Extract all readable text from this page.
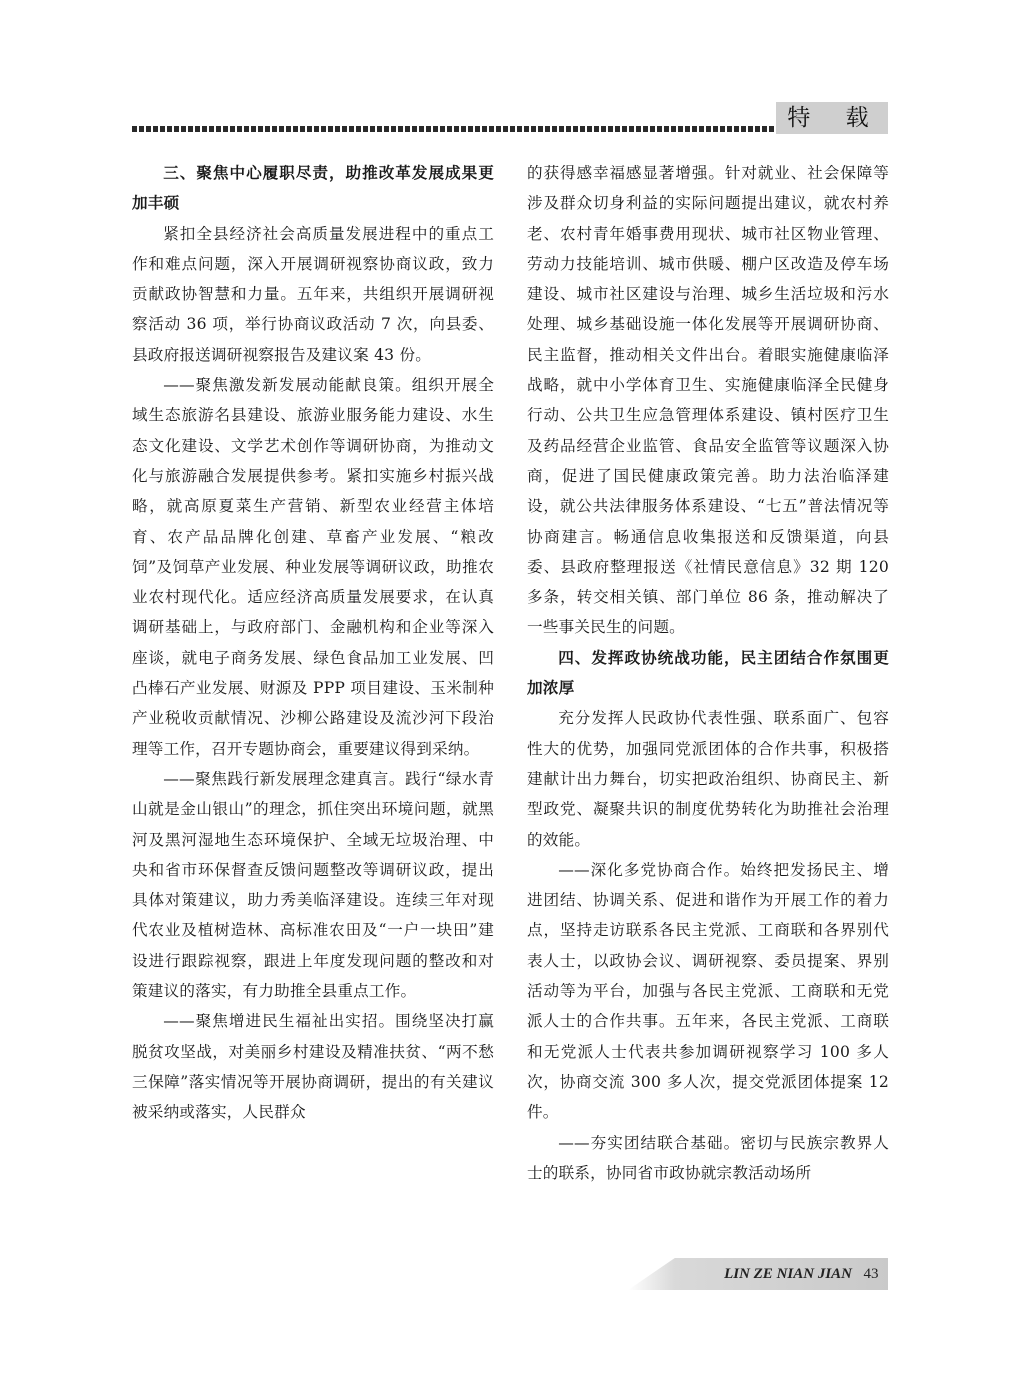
特 载
三、聚焦中心履职尽责，助推改革发展成果更加丰硕

紧扣全县经济社会高质量发展进程中的重点工作和难点问题，深入开展调研视察协商议政，致力贡献政协智慧和力量。五年来，共组织开展调研视察活动 36 项，举行协商议政活动 7 次，向县委、县政府报送调研视察报告及建议案 43 份。

——聚焦激发新发展动能献良策。组织开展全域生态旅游名县建设、旅游业服务能力建设、水生态文化建设、文学艺术创作等调研协商，为推动文化与旅游融合发展提供参考。紧扣实施乡村振兴战略，就高原夏菜生产营销、新型农业经营主体培育、农产品品牌化创建、草畜产业发展、“粮改饲”及饲草产业发展、种业发展等调研议政，助推农业农村现代化。适应经济高质量发展要求，在认真调研基础上，与政府部门、金融机构和企业等深入座谈，就电子商务发展、绿色食品加工业发展、凹凸棒石产业发展、财源及 PPP 项目建设、玉米制种产业税收贡献情况、沙柳公路建设及流沙河下段治理等工作，召开专题协商会，重要建议得到采纳。

——聚焦践行新发展理念建真言。践行“绿水青山就是金山银山”的理念，抓住突出环境问题，就黑河及黑河湿地生态环境保护、全域无垃圾治理、中央和省市环保督查反馈问题整改等调研议政，提出具体对策建议，助力秀美临泽建设。连续三年对现代农业及植树造林、高标准农田及“一户一块田”建设进行跟踪视察，跟进上年度发现问题的整改和对策建议的落实，有力助推全县重点工作。

——聚焦增进民生福祉出实招。围绕坚决打赢脱贫攻坚战，对美丽乡村建设及精准扶贫、“两不愁三保障”落实情况等开展协商调研，提出的有关建议被采纳或落实，人民群众

的获得感幸福感显著增强。针对就业、社会保障等涉及群众切身利益的实际问题提出建议，就农村养老、农村青年婚事费用现状、城市社区物业管理、劳动力技能培训、城市供暖、棚户区改造及停车场建设、城市社区建设与治理、城乡生活垃圾和污水处理、城乡基础设施一体化发展等开展调研协商、民主监督，推动相关文件出台。着眼实施健康临泽战略，就中小学体育卫生、实施健康临泽全民健身行动、公共卫生应急管理体系建设、镇村医疗卫生及药品经营企业监管、食品安全监管等议题深入协商，促进了国民健康政策完善。助力法治临泽建设，就公共法律服务体系建设、“七五”普法情况等协商建言。畅通信息收集报送和反馈渠道，向县委、县政府整理报送《社情民意信息》32 期 120 多条，转交相关镇、部门单位 86 条，推动解决了一些事关民生的问题。

四、发挥政协统战功能，民主团结合作氛围更加浓厚

充分发挥人民政协代表性强、联系面广、包容性大的优势，加强同党派团体的合作共事，积极搭建献计出力舞台，切实把政治组织、协商民主、新型政党、凝聚共识的制度优势转化为助推社会治理的效能。

——深化多党协商合作。始终把发扬民主、增进团结、协调关系、促进和谐作为开展工作的着力点，坚持走访联系各民主党派、工商联和各界别代表人士，以政协会议、调研视察、委员提案、界别活动等为平台，加强与各民主党派、工商联和无党派人士的合作共事。五年来，各民主党派、工商联和无党派人士代表共参加调研视察学习 100 多人次，协商交流 300 多人次，提交党派团体提案 12 件。

——夯实团结联合基础。密切与民族宗教界人士的联系，协同省市政协就宗教活动场所

LIN ZE NIAN JIAN 43
